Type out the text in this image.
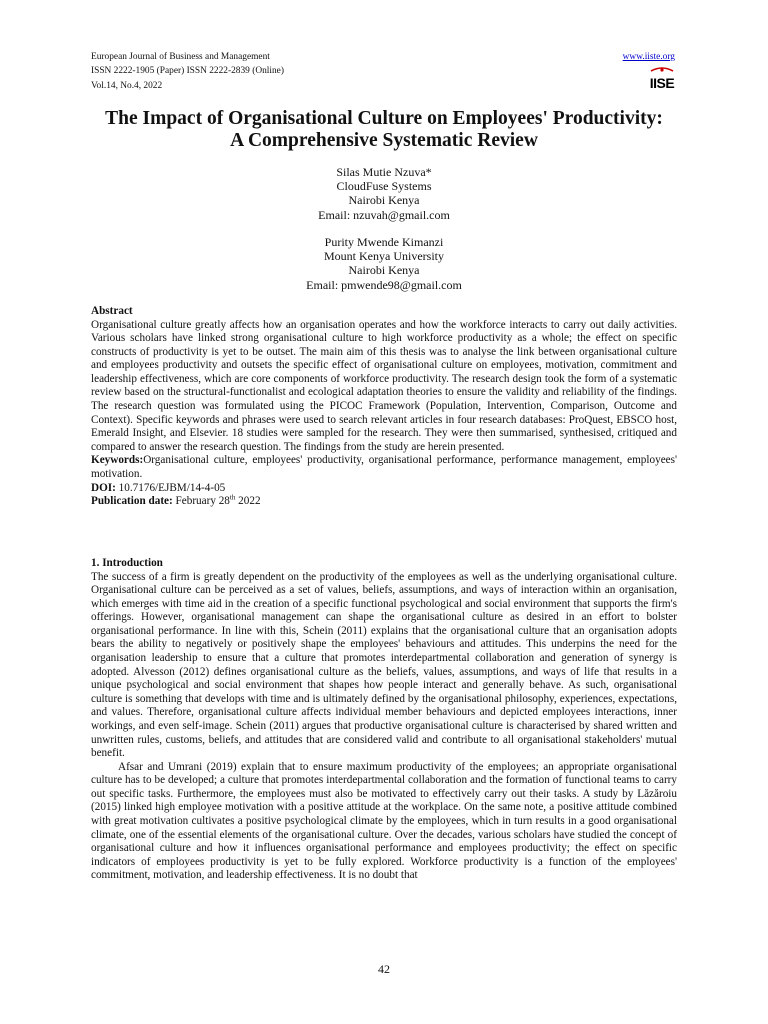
European Journal of Business and Management
ISSN 2222-1905 (Paper) ISSN 2222-2839 (Online)
Vol.14, No.4, 2022
www.iiste.org
IISE
The Impact of Organisational Culture on Employees' Productivity:
A Comprehensive Systematic Review
Silas Mutie Nzuva*
CloudFuse Systems
Nairobi Kenya
Email: nzuvah@gmail.com
Purity Mwende Kimanzi
Mount Kenya University
Nairobi Kenya
Email: pmwende98@gmail.com
Abstract

Organisational culture greatly affects how an organisation operates and how the workforce interacts to carry out daily activities. Various scholars have linked strong organisational culture to high workforce productivity as a whole; the effect on specific constructs of productivity is yet to be outset. The main aim of this thesis was to analyse the link between organisational culture and employees productivity and outsets the specific effect of organisational culture on employees, motivation, commitment and leadership effectiveness, which are core components of workforce productivity. The research design took the form of a systematic review based on the structural-functionalist and ecological adaptation theories to ensure the validity and reliability of the findings. The research question was formulated using the PICOC Framework (Population, Intervention, Comparison, Outcome and Context). Specific keywords and phrases were used to search relevant articles in four research databases: ProQuest, EBSCO host, Emerald Insight, and Elsevier. 18 studies were sampled for the research. They were then summarised, synthesised, critiqued and compared to answer the research question. The findings from the study are herein presented.

Keywords:Organisational culture, employees' productivity, organisational performance, performance management, employees' motivation.

DOI: 10.7176/EJBM/14-4-05
Publication date: February 28th 2022
1. Introduction

The success of a firm is greatly dependent on the productivity of the employees as well as the underlying organisational culture. Organisational culture can be perceived as a set of values, beliefs, assumptions, and ways of interaction within an organisation, which emerges with time aid in the creation of a specific functional psychological and social environment that supports the firm's offerings. However, organisational management can shape the organisational culture as desired in an effort to bolster organisational performance. In line with this, Schein (2011) explains that the organisational culture that an organisation adopts bears the ability to negatively or positively shape the employees' behaviours and attitudes. This underpins the need for the organisation leadership to ensure that a culture that promotes interdepartmental collaboration and generation of synergy is adopted. Alvesson (2012) defines organisational culture as the beliefs, values, assumptions, and ways of life that results in a unique psychological and social environment that shapes how people interact and generally behave. As such, organisational culture is something that develops with time and is ultimately defined by the organisational philosophy, experiences, expectations, and values. Therefore, organisational culture affects individual member behaviours and depicted employees interactions, inner workings, and even self-image. Schein (2011) argues that productive organisational culture is characterised by shared written and unwritten rules, customs, beliefs, and attitudes that are considered valid and contribute to all organisational stakeholders' mutual benefit.

Afsar and Umrani (2019) explain that to ensure maximum productivity of the employees; an appropriate organisational culture has to be developed; a culture that promotes interdepartmental collaboration and the formation of functional teams to carry out specific tasks. Furthermore, the employees must also be motivated to effectively carry out their tasks. A study by Lăzăroiu (2015) linked high employee motivation with a positive attitude at the workplace. On the same note, a positive attitude combined with great motivation cultivates a positive psychological climate by the employees, which in turn results in a good organisational climate, one of the essential elements of the organisational culture. Over the decades, various scholars have studied the concept of organisational culture and how it influences organisational performance and employees productivity; the effect on specific indicators of employees productivity is yet to be fully explored. Workforce productivity is a function of the employees' commitment, motivation, and leadership effectiveness. It is no doubt that

42
